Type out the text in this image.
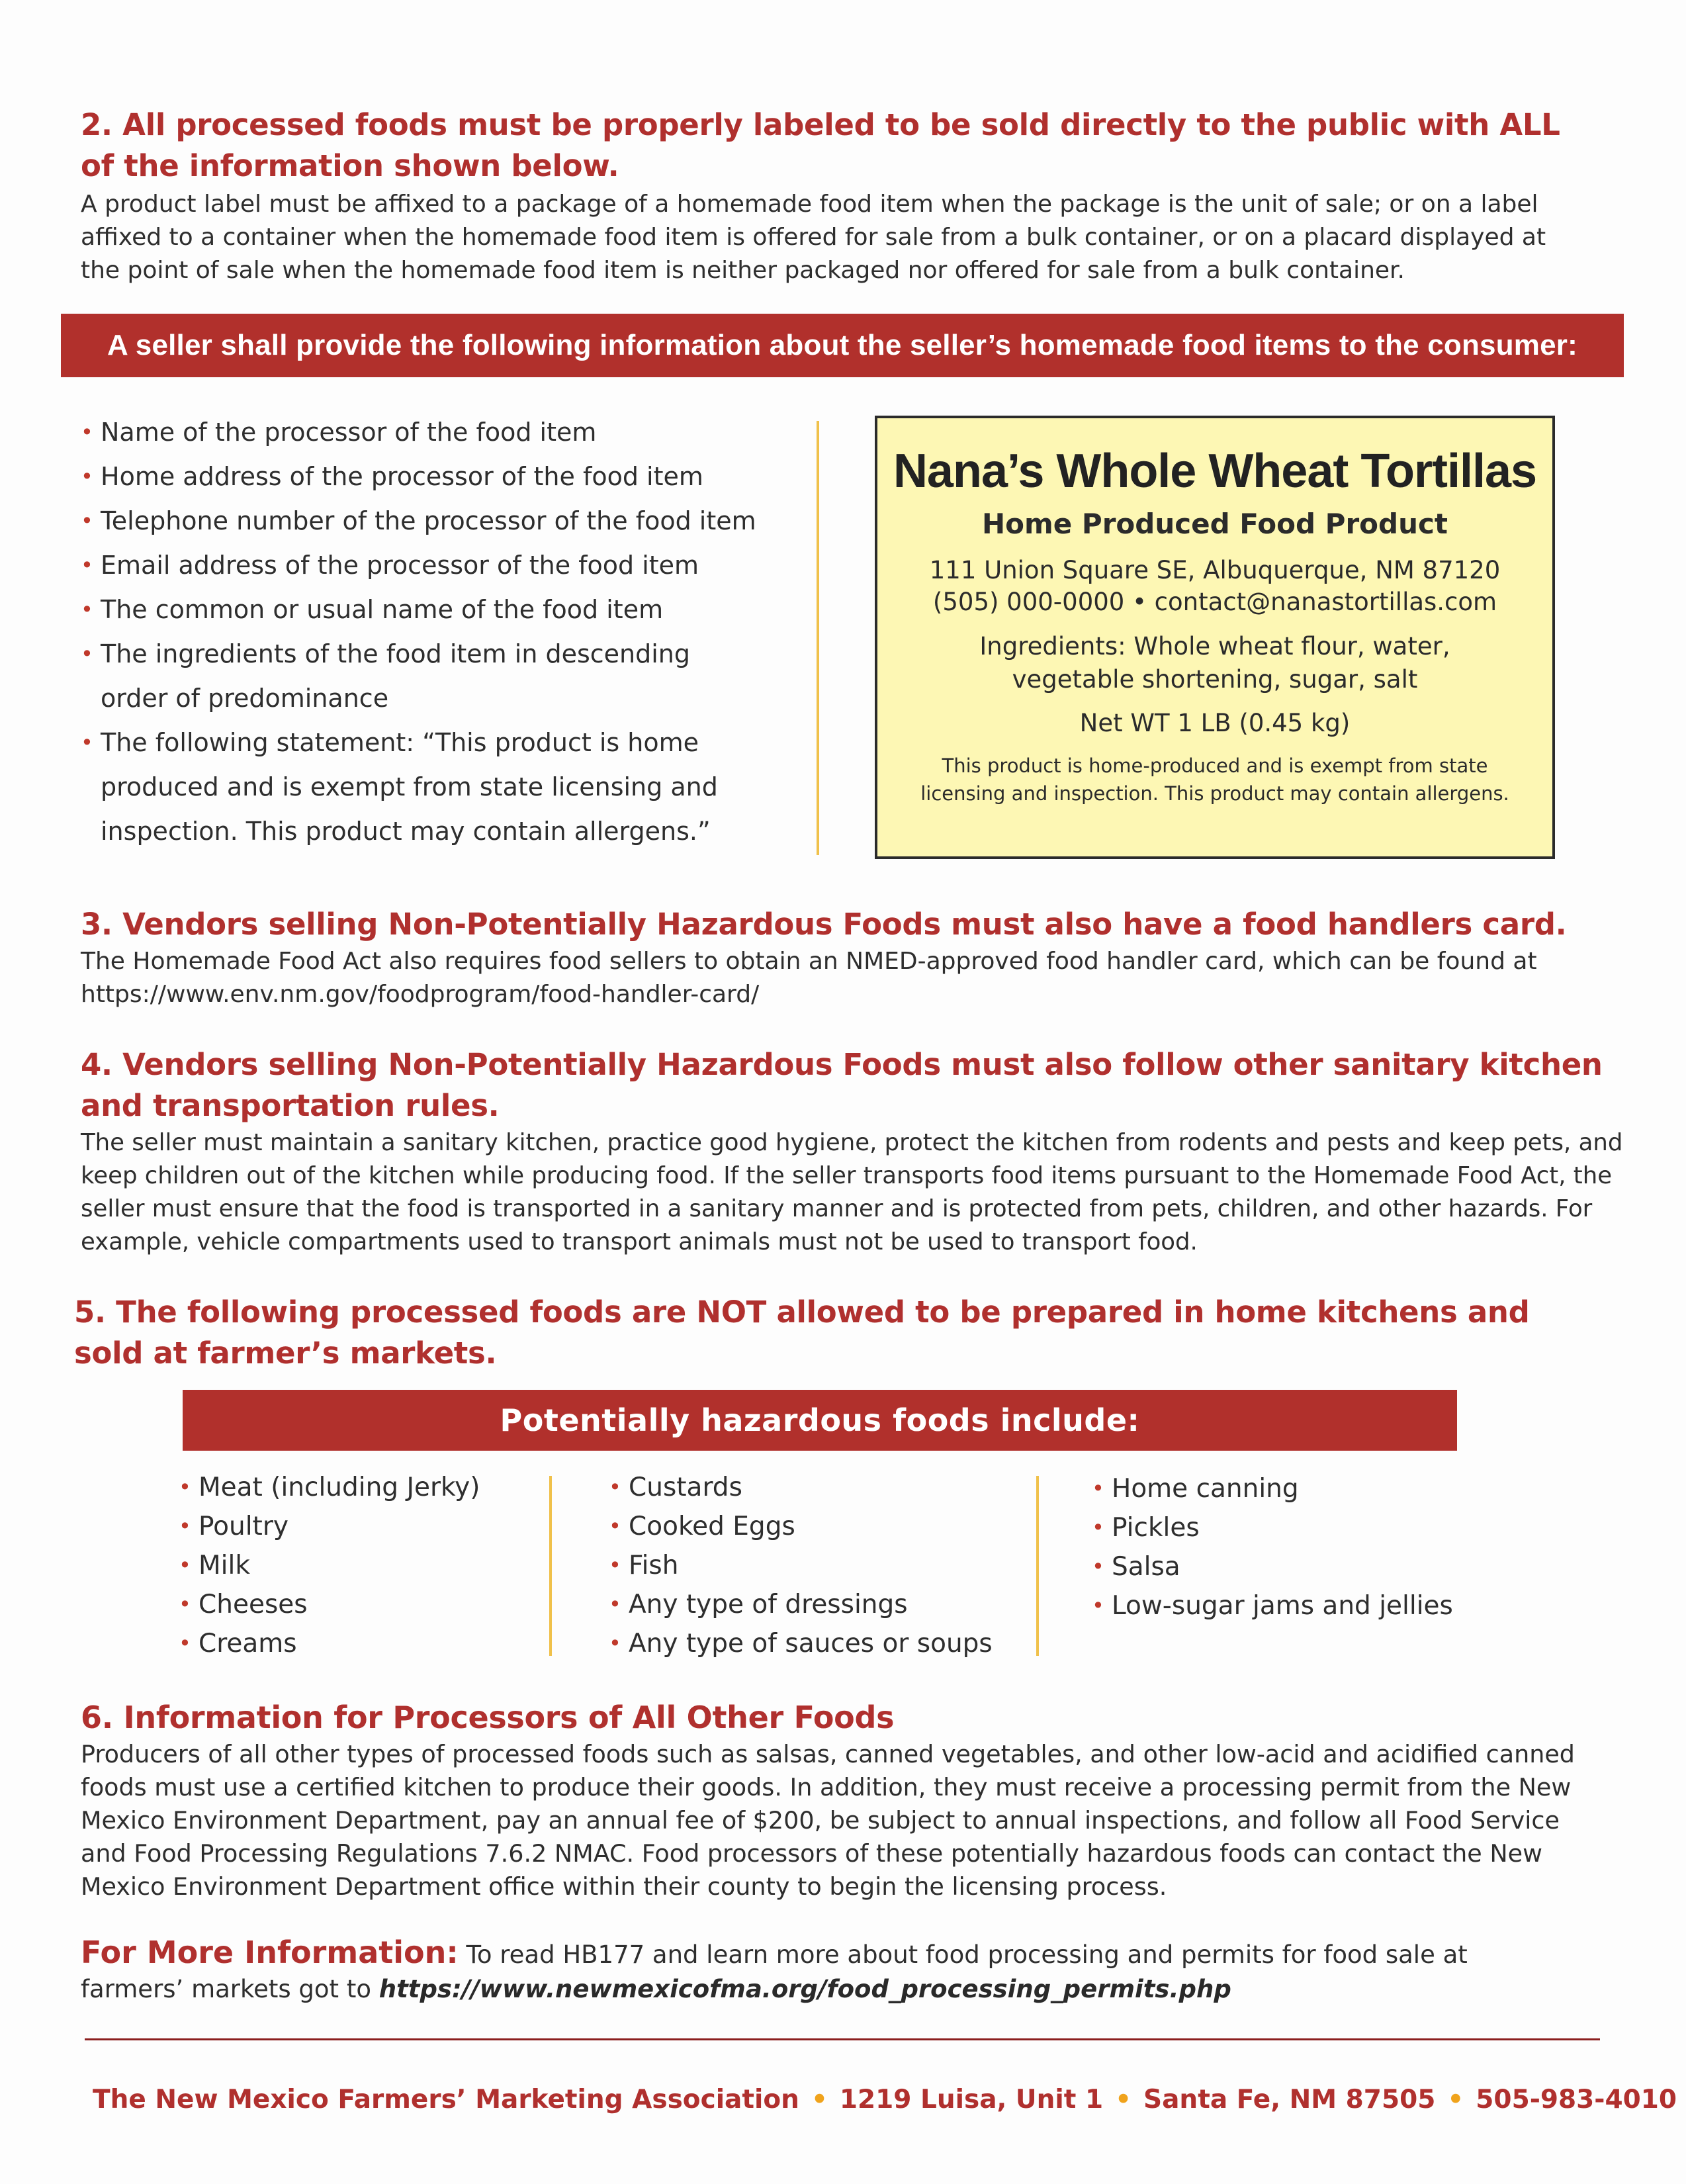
2. All processed foods must be properly labeled to be sold directly to the public with ALL of the information shown below.

A product label must be affixed to a package of a homemade food item when the package is the unit of sale; or on a label affixed to a container when the homemade food item is offered for sale from a bulk container, or on a placard displayed at the point of sale when the homemade food item is neither packaged nor offered for sale from a bulk container.

A seller shall provide the following information about the seller’s homemade food items to the consumer:
• Name of the processor of the food item
• Home address of the processor of the food item
• Telephone number of the processor of the food item
• Email address of the processor of the food item
• The common or usual name of the food item
• The ingredients of the food item in descending order of predominance
• The following statement: “This product is home produced and is exempt from state licensing and inspection. This product may contain allergens.”
Nana’s Whole Wheat Tortillas
Home Produced Food Product
111 Union Square SE, Albuquerque, NM 87120
(505) 000-0000 • contact@nanastortillas.com
Ingredients: Whole wheat flour, water,
vegetable shortening, sugar, salt
Net WT 1 LB (0.45 kg)
This product is home-produced and is exempt from state licensing and inspection. This product may contain allergens.
3. Vendors selling Non-Potentially Hazardous Foods must also have a food handlers card.

The Homemade Food Act also requires food sellers to obtain an NMED-approved food handler card, which can be found at https://www.env.nm.gov/foodprogram/food-handler-card/

4. Vendors selling Non-Potentially Hazardous Foods must also follow other sanitary kitchen and transportation rules.

The seller must maintain a sanitary kitchen, practice good hygiene, protect the kitchen from rodents and pests and keep pets, and keep children out of the kitchen while producing food. If the seller transports food items pursuant to the Homemade Food Act, the seller must ensure that the food is transported in a sanitary manner and is protected from pets, children, and other hazards. For example, vehicle compartments used to transport animals must not be used to transport food.

5. The following processed foods are NOT allowed to be prepared in home kitchens and sold at farmer’s markets.
Potentially hazardous foods include:
• Meat (including Jerky)
• Poultry
• Milk
• Cheeses
• Creams
• Custards
• Cooked Eggs
• Fish
• Any type of dressings
• Any type of sauces or soups
• Home canning
• Pickles
• Salsa
• Low-sugar jams and jellies
6. Information for Processors of All Other Foods

Producers of all other types of processed foods such as salsas, canned vegetables, and other low-acid and acidified canned foods must use a certified kitchen to produce their goods. In addition, they must receive a processing permit from the New Mexico Environment Department, pay an annual fee of $200, be subject to annual inspections, and follow all Food Service and Food Processing Regulations 7.6.2 NMAC. Food processors of these potentially hazardous foods can contact the New Mexico Environment Department office within their county to begin the licensing process.

For More Information: To read HB177 and learn more about food processing and permits for food sale at farmers’ markets got to https://www.newmexicofma.org/food_processing_permits.php
The New Mexico Farmers’ Marketing Association • 1219 Luisa, Unit 1 • Santa Fe, NM 87505 • 505-983-4010
